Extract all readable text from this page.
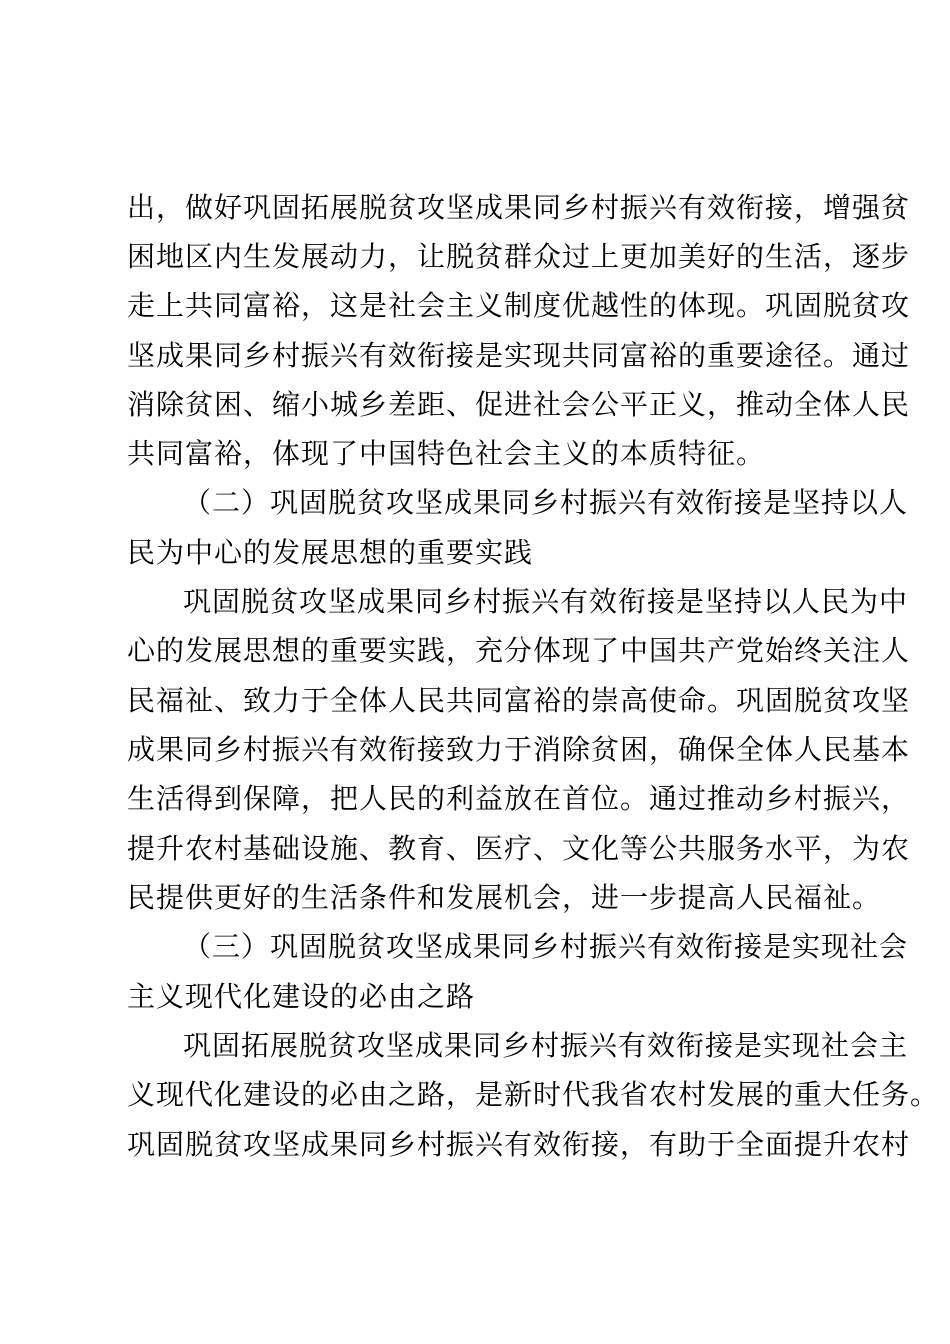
出，做好巩固拓展脱贫攻坚成果同乡村振兴有效衔接，增强贫
困地区内生发展动力，让脱贫群众过上更加美好的生活，逐步
走上共同富裕，这是社会主义制度优越性的体现。巩固脱贫攻
坚成果同乡村振兴有效衔接是实现共同富裕的重要途径。通过
消除贫困、缩小城乡差距、促进社会公平正义，推动全体人民
共同富裕，体现了中国特色社会主义的本质特征。
（二）巩固脱贫攻坚成果同乡村振兴有效衔接是坚持以人
民为中心的发展思想的重要实践
巩固脱贫攻坚成果同乡村振兴有效衔接是坚持以人民为中
心的发展思想的重要实践，充分体现了中国共产党始终关注人
民福祉、致力于全体人民共同富裕的崇高使命。巩固脱贫攻坚
成果同乡村振兴有效衔接致力于消除贫困，确保全体人民基本
生活得到保障，把人民的利益放在首位。通过推动乡村振兴，
提升农村基础设施、教育、医疗、文化等公共服务水平，为农
民提供更好的生活条件和发展机会，进一步提高人民福祉。
（三）巩固脱贫攻坚成果同乡村振兴有效衔接是实现社会
主义现代化建设的必由之路
巩固拓展脱贫攻坚成果同乡村振兴有效衔接是实现社会主
义现代化建设的必由之路，是新时代我省农村发展的重大任务。
巩固脱贫攻坚成果同乡村振兴有效衔接，有助于全面提升农村
